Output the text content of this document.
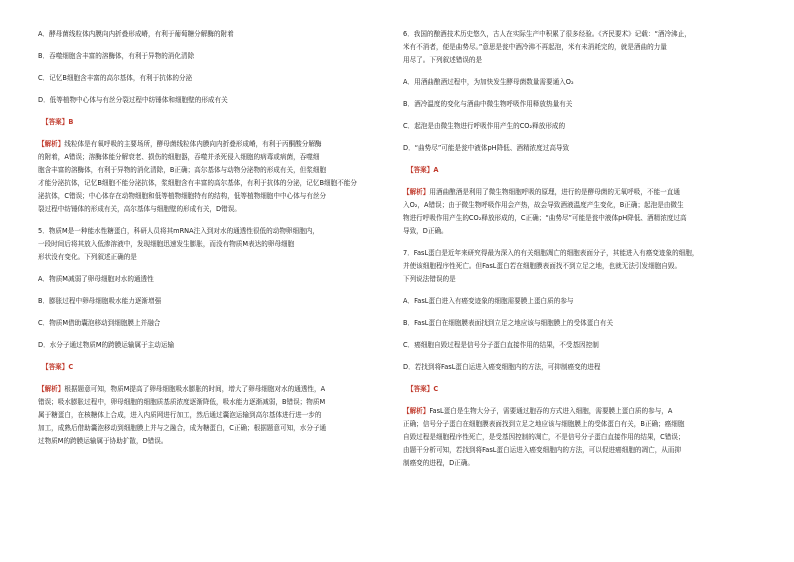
A．酵母菌线粒体内膜向内折叠形成嵴，有利于葡萄糖分解酶的附着
B．吞噬细胞含丰富的溶酶体，有利于异物的消化清除
C．记忆B细胞含丰富的高尔基体，有利于抗体的分泌
D．低等植物中心体与有丝分裂过程中纺锤体和细胞壁的形成有关
【答案】B
【解析】线粒体是有氧呼吸的主要场所，酵母菌线粒体内膜向内折叠形成嵴，有利于丙酮酸分解酶
的附着，A错误；溶酶体能分解衰老、损伤的细胞器，吞噬并杀死侵入细胞的病毒或病菌，吞噬细
胞含丰富的溶酶体，有利于异物的消化清除，B正确；高尔基体与动物分泌物的形成有关，但浆细胞
才能分泌抗体，记忆B细胞不能分泌抗体，浆细胞含有丰富的高尔基体，有利于抗体的分泌，记忆B细胞不能分
泌抗体，C错误；中心体存在动物细胞和低等植物细胞特有的结构，低等植物细胞中中心体与有丝分
裂过程中纺锤体的形成有关，高尔基体与细胞壁的形成有关，D错误。
5．物质M是一种能水性糖蛋白，科研人员将其mRNA注入到对水的通透性很低的动物卵细胞内，
一段时间后将其放入低渗溶液中，发现细胞迅速发生膨胀，而没有物质M表达的卵母细胞
形状没有变化。下列叙述正确的是
A．物质M减弱了卵母细胞对水的通透性
B．膨胀过程中卵母细胞吸水能力逐渐增强
C．物质M借助囊泡移动到细胞膜上并融合
D．水分子通过物质M的跨膜运输属于主动运输
【答案】C
【解析】根据题意可知，物质M提高了卵母细胞吸水膨胀的时间，增大了卵母细胞对水的通透性，A
错误；吸水膨胀过程中，卵母细胞的细胞质基质浓度逐渐降低，吸水能力逐渐减弱，B错误；物质M
属于糖蛋白，在核糖体上合成，进入内质网进行加工，然后通过囊泡运输到高尔基体进行进一步的
加工，成熟后借助囊泡移动到细胞膜上并与之融合，成为糖蛋白，C正确；根据题意可知，水分子通
过物质M的跨膜运输属于协助扩散，D错误。
6．我国的酿酒技术历史悠久，古人在实际生产中积累了很多经验。《齐民要术》记载：“酒冷沸止，
米有不消者，便是曲势尽。”意思是瓮中酒冷沸不再起泡，米有未消耗完的，就是酒曲的力量
用尽了。下列叙述错误的是
A．用酒曲酿酒过程中，为加快发生酵母菌数量需要通入O₂
B．酒冷温度的变化与酒曲中微生物呼吸作用释放热量有关
C．起泡是由微生物进行呼吸作用产生的CO₂释放形成的
D．“曲势尽”可能是瓮中液体pH降低、酒精浓度过高导致
【答案】A
【解析】用酒曲酿酒是利用了微生物细胞呼吸的原理，进行的是酵母菌的无氧呼吸，不能一直通
入O₂，A错误；由于微生物呼吸作用会产热，故会导致酒液温度产生变化，B正确；起泡是由微生
物进行呼吸作用产生的CO₂释放形成的，C正确；“曲势尽”可能是瓮中液体pH降低、酒精浓度过高
导致，D正确。
7．FasL蛋白是近年来研究得最为深入的有关细胞凋亡的细胞表面分子，其能进入有癌变迹象的细胞，
并使该细胞程序性死亡。但FasL蛋白若在细胞膜表面找不到立足之地，也就无法引发细胞自毁。
下列说法错误的是
A．FasL蛋白进入有癌变迹象的细胞需要膜上蛋白质的参与
B．FasL蛋白在细胞膜表面找到立足之地应该与细胞膜上的受体蛋白有关
C．癌细胞自毁过程是信号分子蛋白直接作用的结果，不受基因控制
D．若找到将FasL蛋白运进入癌变细胞内的方法，可抑制癌变的进程
【答案】C
【解析】FasL蛋白是生物大分子，需要通过胞吞的方式进入细胞，需要膜上蛋白质的参与，A
正确；信号分子蛋白在细胞膜表面找到立足之地应该与细胞膜上的受体蛋白有关，B正确；癌细胞
自毁过程是细胞程序性死亡，是受基因控制的凋亡，不是信号分子蛋白直接作用的结果，C错误；
由题干分析可知，若找到将FasL蛋白运进入癌变细胞内的方法，可以促进癌细胞的凋亡，从而抑
制癌变的进程，D正确。
